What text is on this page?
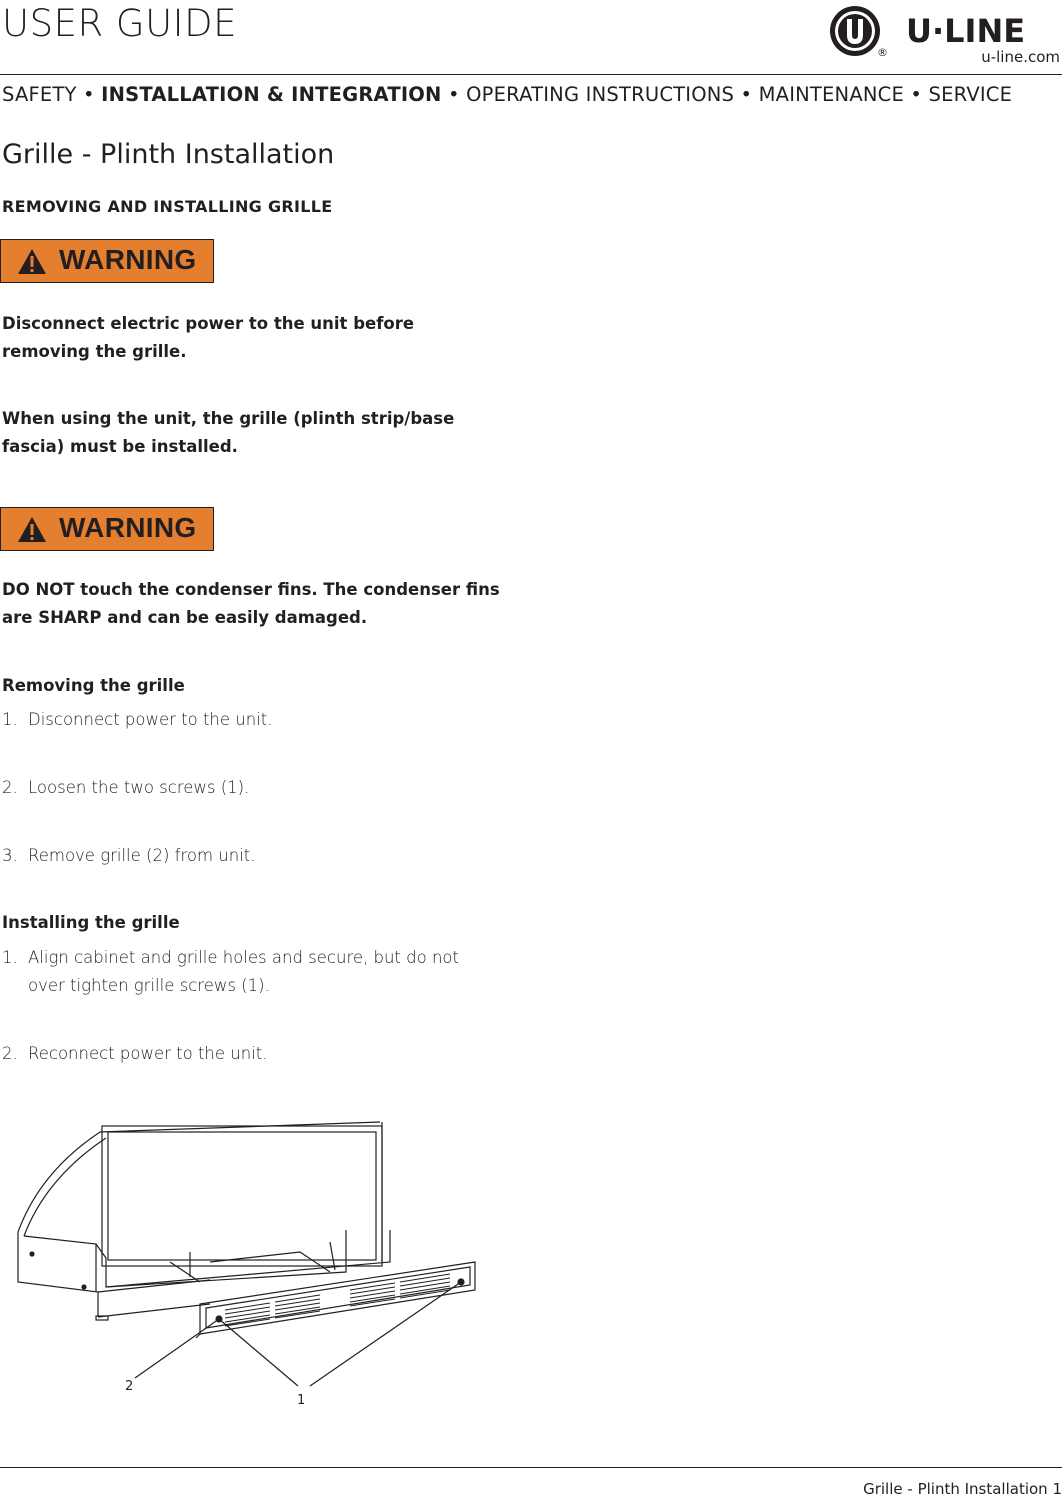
USER GUIDE	U·LINE
®	u-line.com
SAFETY • INSTALLATION & INTEGRATION • OPERATING INSTRUCTIONS • MAINTENANCE • SERVICE
Grille - Plinth Installation
REMOVING AND INSTALLING GRILLE
WARNING
Disconnect electric power to the unit before removing the grille.
When using the unit, the grille (plinth strip/base fascia) must be installed.
WARNING
DO NOT touch the condenser fins. The condenser fins are SHARP and can be easily damaged.
Removing the grille
1. Disconnect power to the unit.
2. Loosen the two screws (1).
3. Remove grille (2) from unit.
Installing the grille
1. Align cabinet and grille holes and secure, but do not over tighten grille screws (1).
2. Reconnect power to the unit.
2
1
Grille - Plinth Installation 1
